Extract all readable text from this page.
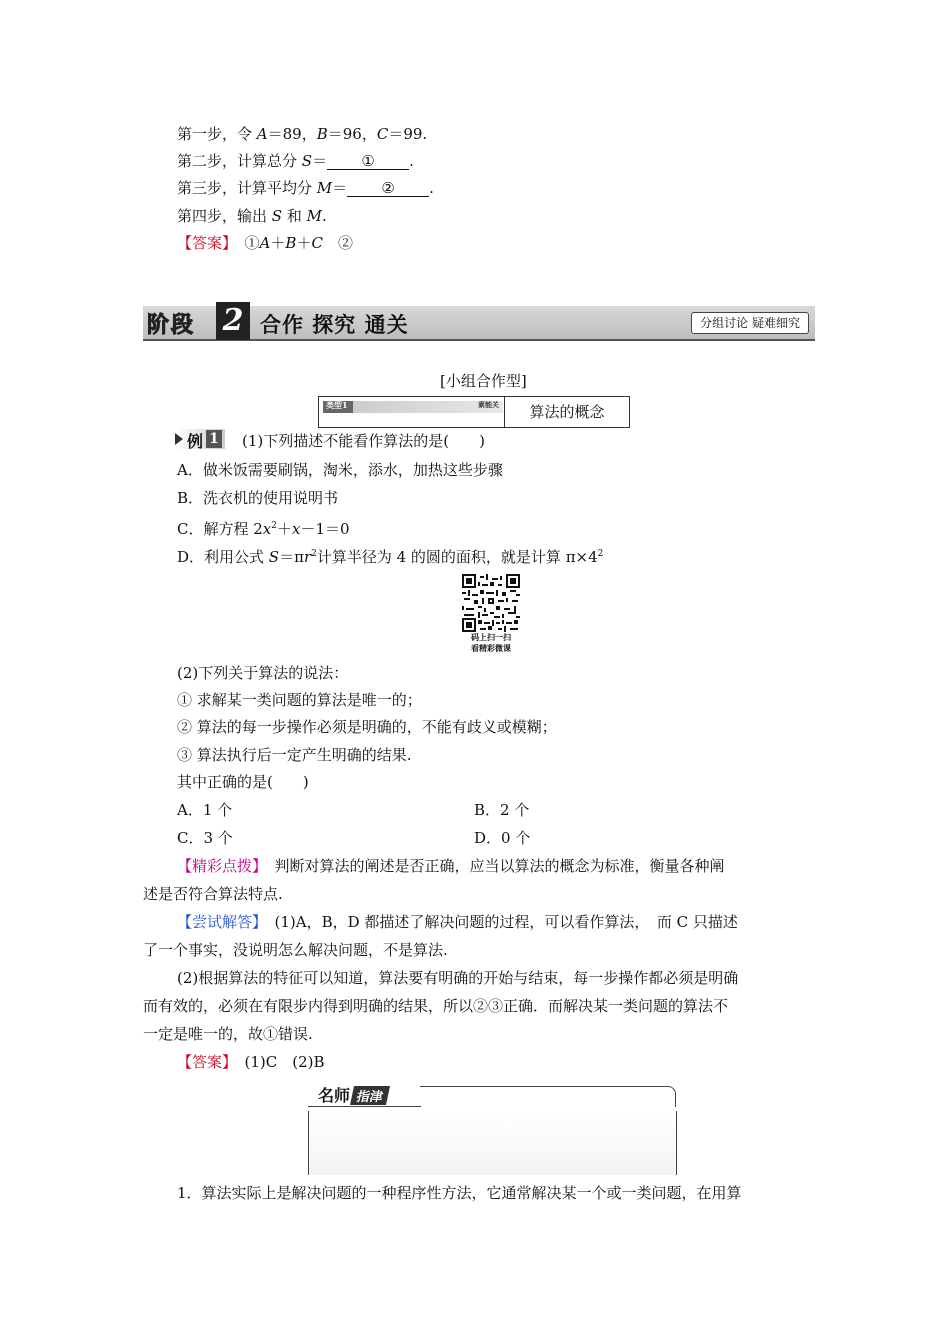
第一步，令 A＝89，B＝96，C＝99.
第二步，计算总分 S＝ ① .
第三步，计算平均分 M＝ ② .
第四步，输出 S 和 M.
【答案】　 ①A＋B＋C　 ②
阶段 2 合作 探究 通关	分组讨论 疑难细究
[小组合作型]
类型1	素能关	算法的概念
例 1 (1)下列描述不能看作算法的是(　　)
A．做米饭需要刷锅，淘米，添水，加热这些步骤
B．洗衣机的使用说明书
C．解方程 $2x^2+x-1=0$
D．利用公式 $S=\pi r^2$计算半径为 4 的圆的面积，就是计算 $\pi\times 4^2$
码上扫一扫
看精彩微课
(2)下列关于算法的说法：
① 求解某一类问题的算法是唯一的；
② 算法的每一步操作必须是明确的，不能有歧义或模糊；
③ 算法执行后一定产生明确的结果.
其中正确的是(　　)
A．1 个	B．2 个
C．3 个	D．0 个
【精彩点拨】　判断对算法的阐述是否正确，应当以算法的概念为标准，衡量各种阐
述是否符合算法特点.
【尝试解答】　(1)A，B，D 都描述了解决问题的过程，可以看作算法，　而 C 只描述
了一个事实，没说明怎么解决问题，不是算法.
(2)根据算法的特征可以知道，算法要有明确的开始与结束，每一步操作都必须是明确
而有效的，必须在有限步内得到明确的结果，所以②③正确．而解决某一类问题的算法不
一定是唯一的，故①错误.
【答案】　 (1)C　(2)B
名师 指津
1．算法实际上是解决问题的一种程序性方法，它通常解决某一个或一类问题，在用算
